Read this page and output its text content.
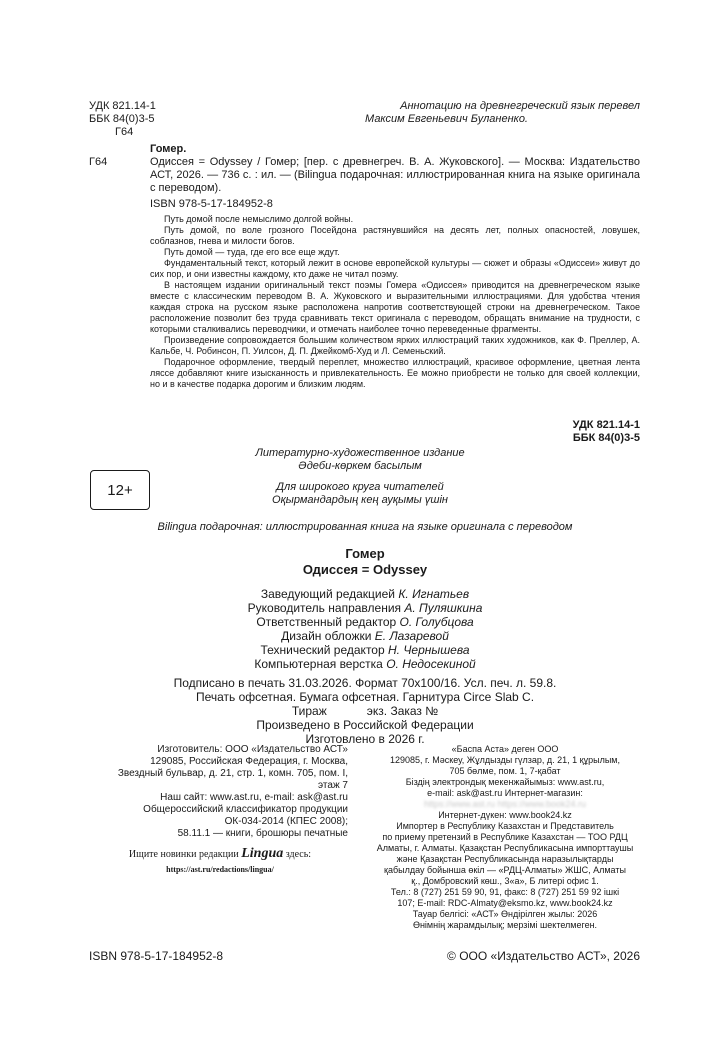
УДК 821.14-1
ББК 84(0)3-5
Г64
Аннотацию на древнегреческий язык перевел
Максим Евгеньевич Буланенко.
Гомер.
Г64	Одиссея = Odyssey / Гомер; [пер. с древнегреч. В. А. Жуковского]. — Москва: Издательство АСТ, 2026. — 736 с. : ил. — (Bilingua подарочная: иллюстрированная книга на языке оригинала с переводом).
ISBN 978-5-17-184952-8

Путь домой после немыслимо долгой войны.

Путь домой, по воле грозного Посейдона растянувшийся на десять лет, полных опасностей, ловушек, соблазнов, гнева и милости богов.

Путь домой — туда, где его все еще ждут.

Фундаментальный текст, который лежит в основе европейской культуры — сюжет и образы «Одиссеи» живут до сих пор, и они известны каждому, кто даже не читал поэму.

В настоящем издании оригинальный текст поэмы Гомера «Одиссея» приводится на древнегреческом языке вместе с классическим переводом В. А. Жуковского и выразительными иллюстрациями. Для удобства чтения каждая строка на русском языке расположена напротив соответствующей строки на древнегреческом. Такое расположение позволит без труда сравнивать текст оригинала с переводом, обращать внимание на трудности, с которыми сталкивались переводчики, и отмечать наиболее точно переведенные фрагменты.

Произведение сопровождается большим количеством ярких иллюстраций таких художников, как Ф. Преллер, А. Кальбе, Ч. Робинсон, П. Уилсон, Д. П. Джейкомб-Худ и Л. Семеньский.

Подарочное оформление, твердый переплет, множество иллюстраций, красивое оформление, цветная лента ляссе добавляют книге изысканность и привлекательность. Ее можно приобрести не только для своей коллекции, но и в качестве подарка дорогим и близким людям.

УДК 821.14-1
ББК 84(0)3-5
Литературно-художественное издание
Әдеби-көркем басылым
12+	Для широкого круга читателей
Оқырмандардың кең ауқымы үшін
Bilingua подарочная: иллюстрированная книга на языке оригинала с переводом
Гомер
Одиссея = Odyssey
Заведующий редакцией К. Игнатьев
Руководитель направления А. Пуляшкина
Ответственный редактор О. Голубцова
Дизайн обложки Е. Лазаревой
Технический редактор Н. Чернышева
Компьютерная верстка О. Недосекиной
Подписано в печать 31.03.2026. Формат 70x100/16. Усл. печ. л. 59.8.
Печать офсетная. Бумага офсетная. Гарнитура Circe Slab C.
Тираж            экз. Заказ №
Произведено в Российской Федерации
Изготовлено в 2026 г.
Изготовитель: ООО «Издательство АСТ»
129085, Российская Федерация, г. Москва,
Звездный бульвар, д. 21, стр. 1, комн. 705, пом. I,
этаж 7
Наш сайт: www.ast.ru, e-mail: ask@ast.ru
Общероссийский классификатор продукции
ОК-034-2014 (КПЕС 2008);
58.11.1 — книги, брошюры печатные
Ищите новинки редакции Lingua здесь:
https://ast.ru/redactions/lingua/
«Баспа Аста» деген ООО
129085, г. Мәскеу, Жұлдызды гүлзар, д. 21, 1 құрылым,
705 бөлме, пом. 1, 7-қабат
Біздің электрондық мекенжайымыз: www.ast.ru,
e-mail: ask@ast.ru Интернет-магазин:
https://www.ast.ru https://www.book24.ru
Интернет-дүкен: www.book24.kz
Импортер в Республику Казахстан и Представитель
по приему претензий в Республике Казахстан — ТОО РДЦ
Алматы, г. Алматы. Қазақстан Республикасына импорттаушы және Қазақстан Республикасында наразылықтарды
қабылдау бойынша өкіл — «РДЦ-Алматы» ЖШС, Алматы
қ., Домбровский көш., 3«а», Б литері офис 1.
Тел.: 8 (727) 251 59 90, 91, факс: 8 (727) 251 59 92 ішкі
107; E-mail: RDC-Almaty@eksmo.kz, www.book24.kz
Тауар белгісі: «АСТ» Өндірілген жылы: 2026
Өнімнің жарамдылық; мерзімі шектелмеген.
ISBN 978-5-17-184952-8	© ООО «Издательство АСТ», 2026
